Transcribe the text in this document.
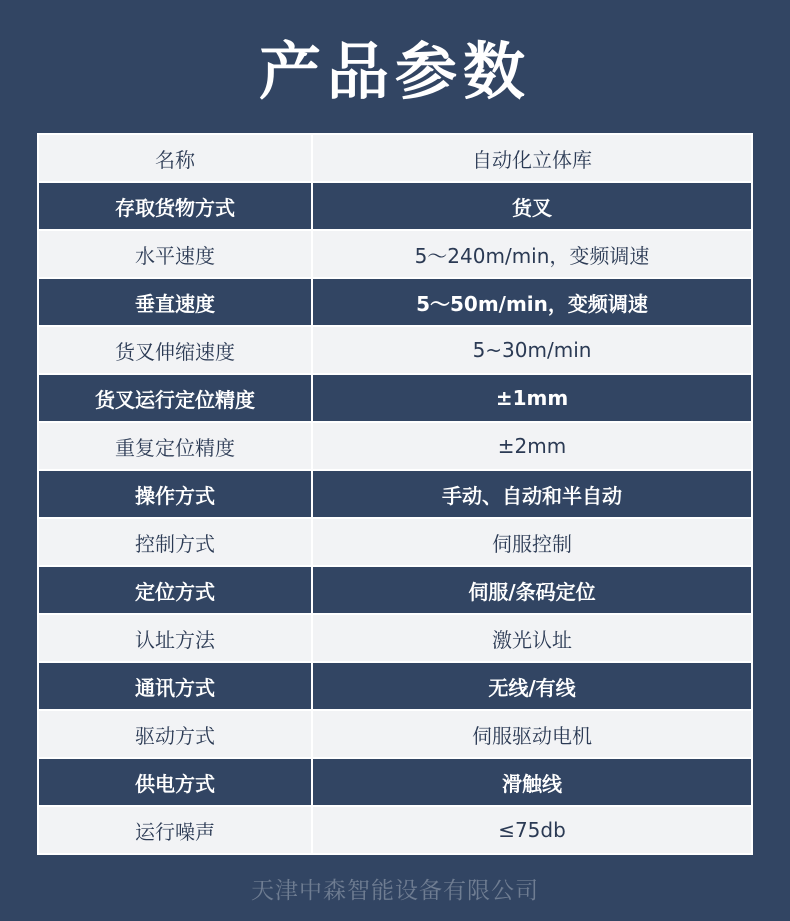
产品参数
名称	自动化立体库
存取货物方式	货叉
水平速度	5～240m/min，变频调速
垂直速度	5～50m/min，变频调速
货叉伸缩速度	5~30m/min
货叉运行定位精度	±1mm
重复定位精度	±2mm
操作方式	手动、自动和半自动
控制方式	伺服控制
定位方式	伺服/条码定位
认址方法	激光认址
通讯方式	无线/有线
驱动方式	伺服驱动电机
供电方式	滑触线
运行噪声	≤75db
天津中森智能设备有限公司
